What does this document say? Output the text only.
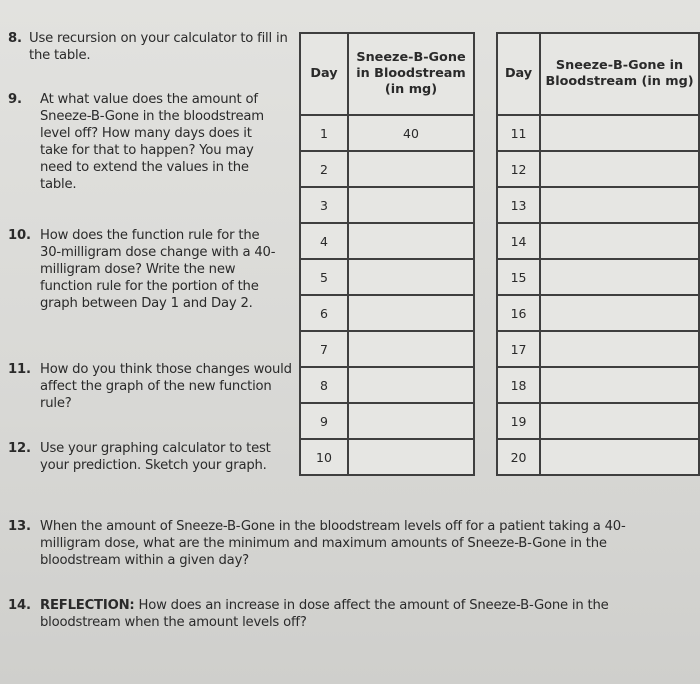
8. Use recursion on your calculator to fill in the table.
9.	At what value does the amount of Sneeze-B-Gone in the bloodstream level off? How many days does it take for that to happen? You may need to extend the values in the table.
10. How does the function rule for the 30-milligram dose change with a 40-milligram dose? Write the new function rule for the portion of the graph between Day 1 and Day 2.
11. How do you think those changes would affect the graph of the new function rule?
12. Use your graphing calculator to test your prediction. Sketch your graph.
13. When the amount of Sneeze-B-Gone in the bloodstream levels off for a patient taking a 40-milligram dose, what are the minimum and maximum amounts of Sneeze-B-Gone in the bloodstream within a given day?
14. REFLECTION: How does an increase in dose affect the amount of Sneeze-B-Gone in the bloodstream when the amount levels off?
Day	Sneeze-B-Gone in Bloodstream (in mg)
1	40
2	
3	
4	
5	
6	
7	
8	
9	
10	
Day	Sneeze-B-Gone in Bloodstream (in mg)
11	
12	
13	
14	
15	
16	
17	
18	
19	
20	
